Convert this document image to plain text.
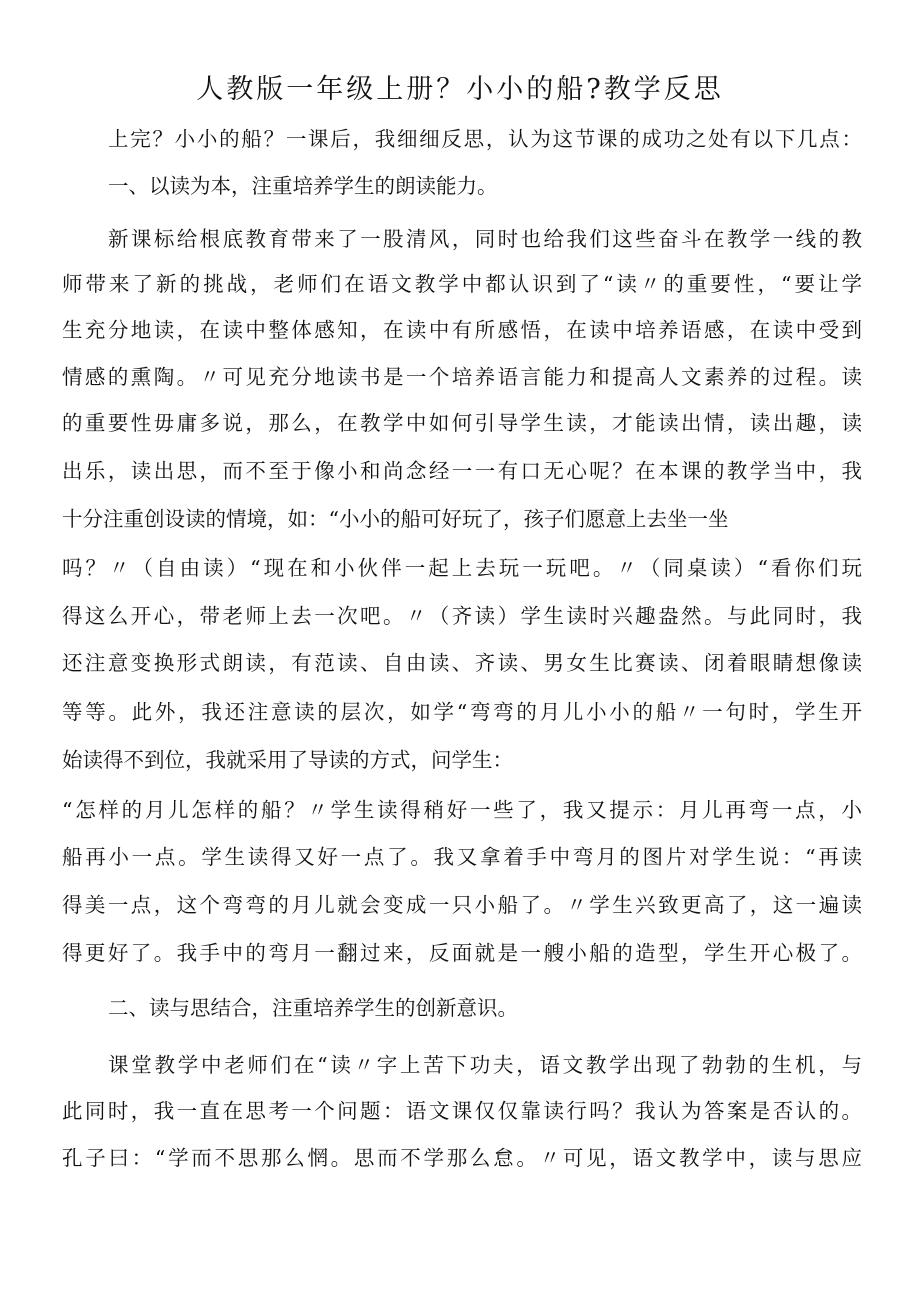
人教版一年级上册？小小的船?教学反思

上完？小小的船？一课后，我细细反思，认为这节课的成功之处有以下几点：

一、以读为本，注重培养学生的朗读能力。

新课标给根底教育带来了一股清风，同时也给我们这些奋斗在教学一线的教

师带来了新的挑战，老师们在语文教学中都认识到了“读〃的重要性，“要让学

生充分地读，在读中整体感知，在读中有所感悟，在读中培养语感，在读中受到

情感的熏陶。〃可见充分地读书是一个培养语言能力和提高人文素养的过程。读

的重要性毋庸多说，那么，在教学中如何引导学生读，才能读出情，读出趣，读

出乐，读出思，而不至于像小和尚念经一一有口无心呢？在本课的教学当中，我

十分注重创设读的情境，如：“小小的船可好玩了，孩子们愿意上去坐一坐

吗？〃（自由读）“现在和小伙伴一起上去玩一玩吧。〃（同桌读）“看你们玩

得这么开心，带老师上去一次吧。〃（齐读）学生读时兴趣盎然。与此同时，我

还注意变换形式朗读，有范读、自由读、齐读、男女生比赛读、闭着眼睛想像读

等等。此外，我还注意读的层次，如学“弯弯的月儿小小的船〃一句时，学生开

始读得不到位，我就采用了导读的方式，问学生：

“怎样的月儿怎样的船？〃学生读得稍好一些了，我又提示：月儿再弯一点，小

船再小一点。学生读得又好一点了。我又拿着手中弯月的图片对学生说：“再读

得美一点，这个弯弯的月儿就会变成一只小船了。〃学生兴致更高了，这一遍读

得更好了。我手中的弯月一翻过来，反面就是一艘小船的造型，学生开心极了。

二、读与思结合，注重培养学生的创新意识。

课堂教学中老师们在“读〃字上苦下功夫，语文教学出现了勃勃的生机，与

此同时，我一直在思考一个问题：语文课仅仅靠读行吗？我认为答案是否认的。

孔子曰：“学而不思那么惘。思而不学那么怠。〃可见，语文教学中，读与思应
